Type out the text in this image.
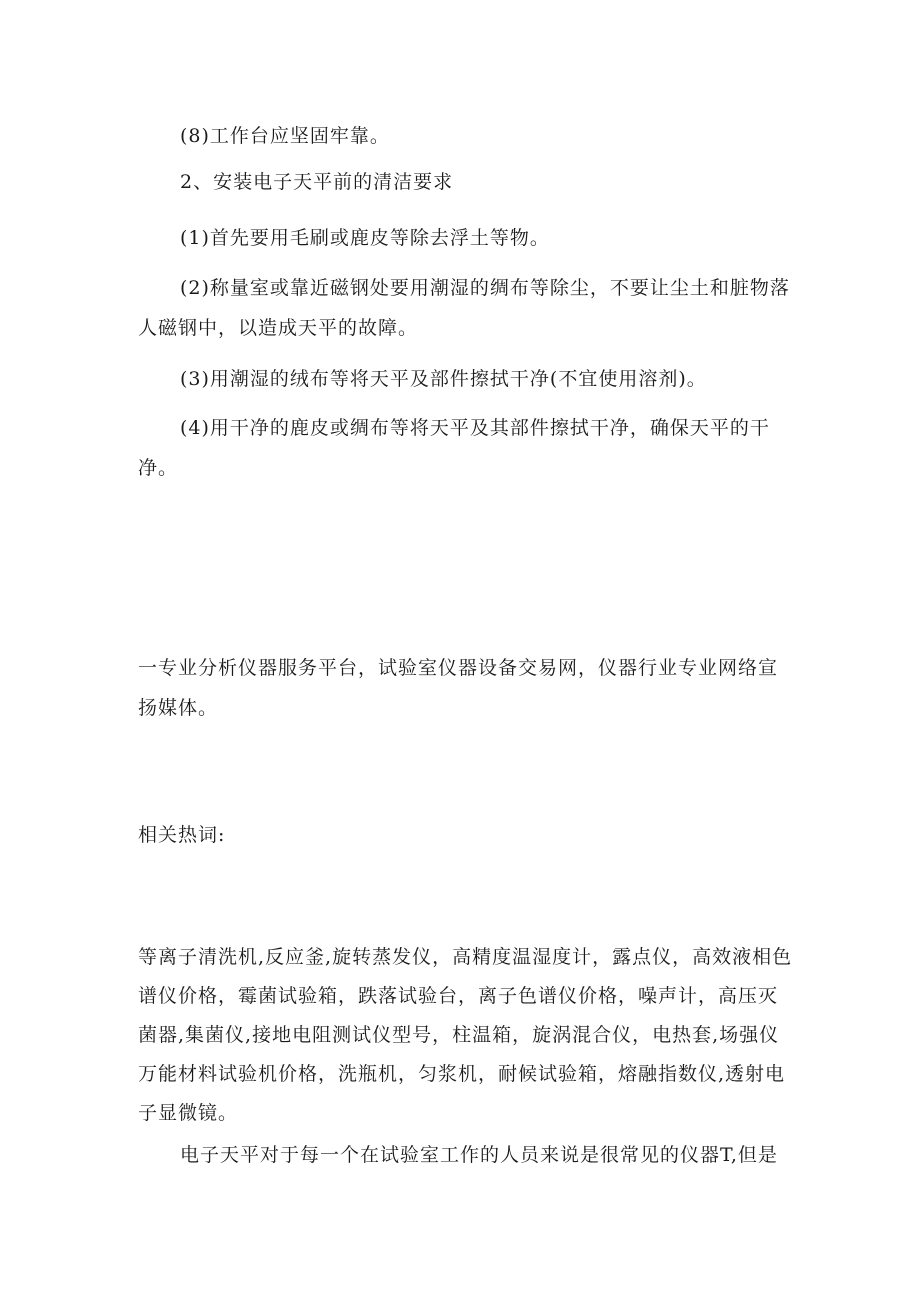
(8)工作台应坚固牢靠。

2、安装电子天平前的清洁要求

(1)首先要用毛刷或鹿皮等除去浮土等物。

(2)称量室或靠近磁钢处要用潮湿的绸布等除尘，不要让尘土和脏物落人磁钢中，以造成天平的故障。

(3)用潮湿的绒布等将天平及部件擦拭干净(不宜使用溶剂)。

(4)用干净的鹿皮或绸布等将天平及其部件擦拭干净，确保天平的干净。

一专业分析仪器服务平台，试验室仪器设备交易网，仪器行业专业网络宣扬媒体。

相关热词:

等离子清洗机,反应釜,旋转蒸发仪，高精度温湿度计，露点仪，高效液相色谱仪价格，霉菌试验箱，跌落试验台，离子色谱仪价格，噪声计，高压灭菌器,集菌仪,接地电阻测试仪型号，柱温箱，旋涡混合仪，电热套,场强仪万能材料试验机价格，洗瓶机，匀浆机，耐候试验箱，熔融指数仪,透射电子显微镜。

电子天平对于每一个在试验室工作的人员来说是很常见的仪器T,但是
